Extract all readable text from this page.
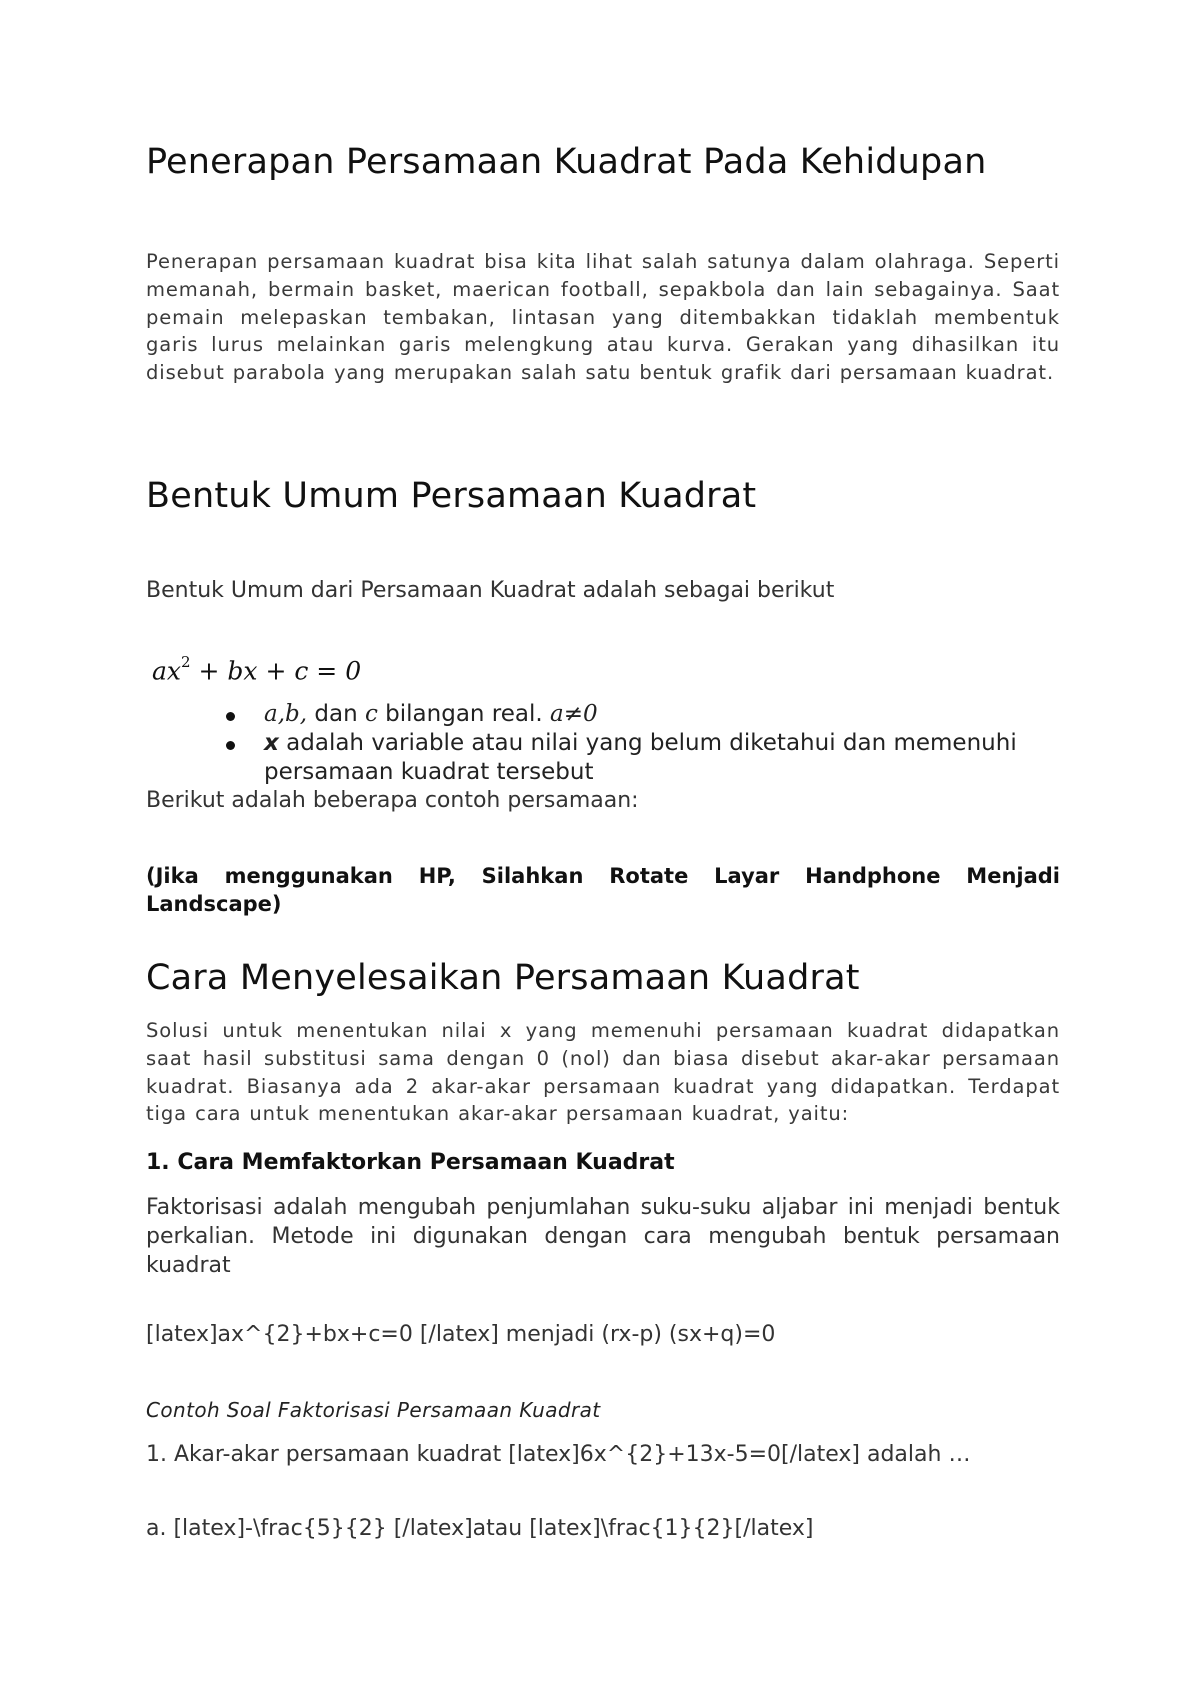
Penerapan Persamaan Kuadrat Pada Kehidupan

Penerapan persamaan kuadrat bisa kita lihat salah satunya dalam olahraga. Seperti memanah, bermain basket, maerican football, sepakbola dan lain sebagainya. Saat pemain melepaskan tembakan, lintasan yang ditembakkan tidaklah membentuk garis lurus melainkan garis melengkung atau kurva. Gerakan yang dihasilkan itu disebut parabola yang merupakan salah satu bentuk grafik dari persamaan kuadrat.

Bentuk Umum Persamaan Kuadrat

Bentuk Umum dari Persamaan Kuadrat adalah sebagai berikut

$ax^2$ + bx + c = 0
a,b, dan c bilangan real. a≠0
x adalah variable atau nilai yang belum diketahui dan memenuhi persamaan kuadrat tersebut

Berikut adalah beberapa contoh persamaan:

(Jika menggunakan HP, Silahkan Rotate Layar Handphone Menjadi Landscape)

Cara Menyelesaikan Persamaan Kuadrat

Solusi untuk menentukan nilai x yang memenuhi persamaan kuadrat didapatkan saat hasil substitusi sama dengan 0 (nol) dan biasa disebut akar-akar persamaan kuadrat. Biasanya ada 2 akar-akar persamaan kuadrat yang didapatkan. Terdapat tiga cara untuk menentukan akar-akar persamaan kuadrat, yaitu:

1. Cara Memfaktorkan Persamaan Kuadrat

Faktorisasi adalah mengubah penjumlahan suku-suku aljabar ini menjadi bentuk perkalian. Metode ini digunakan dengan cara mengubah bentuk persamaan kuadrat

[latex]ax^{2}+bx+c=0 [/latex] menjadi (rx-p) (sx+q)=0

Contoh Soal Faktorisasi Persamaan Kuadrat

1. Akar-akar persamaan kuadrat [latex]6x^{2}+13x-5=0[/latex] adalah …

a. [latex]-\frac{5}{2} [/latex]atau [latex]\frac{1}{2}[/latex]
